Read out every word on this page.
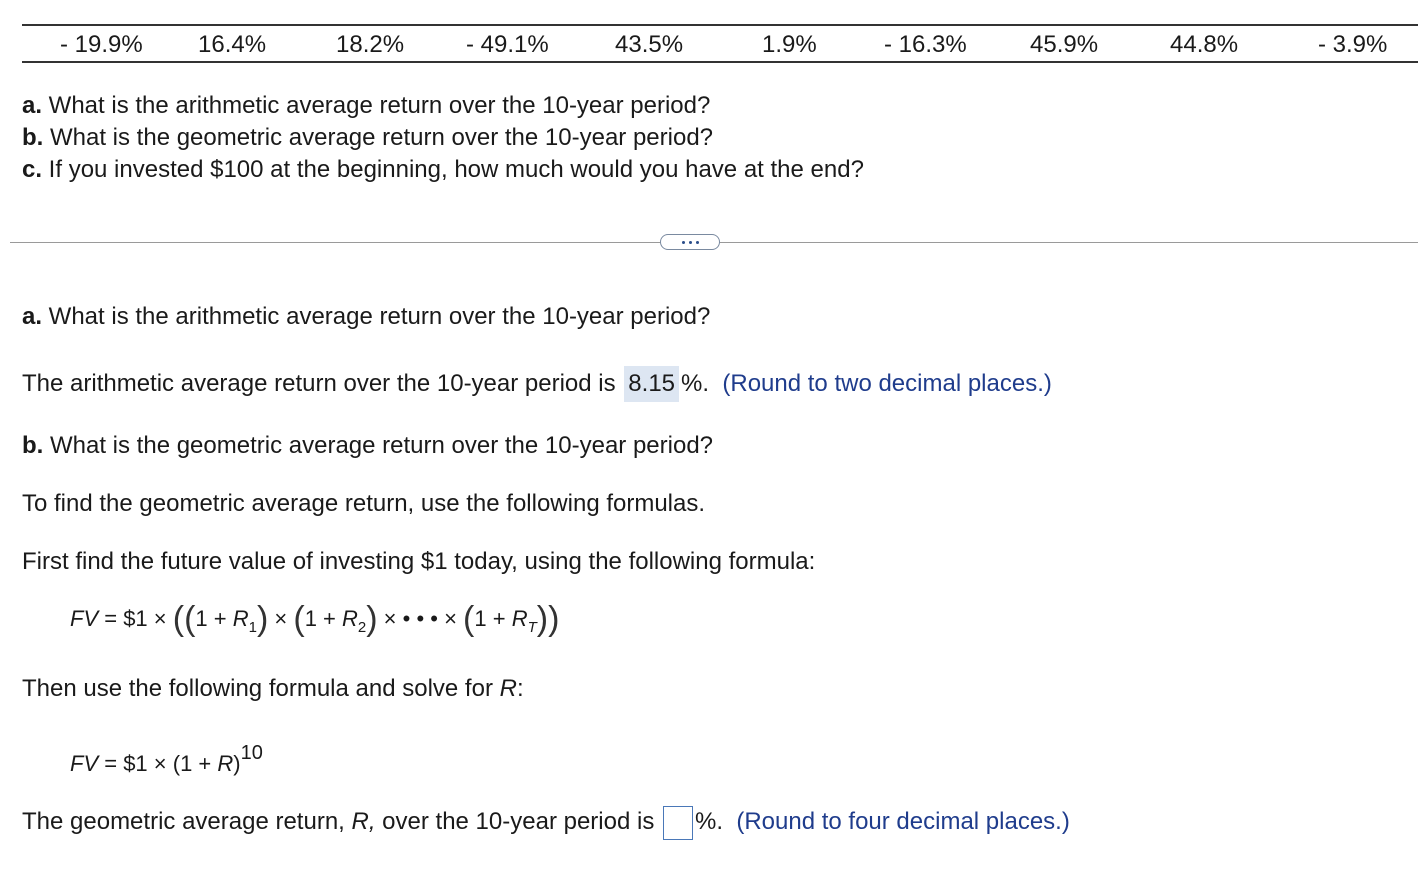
- 19.9% 16.4%	18.2%	- 49.1%	43.5%	1.9%	- 16.3%	45.9%	44.8%	- 3.9%
a. What is the arithmetic average return over the 10-year period?
b. What is the geometric average return over the 10-year period?
c. If you invested $100 at the beginning, how much would you have at the end?
a. What is the arithmetic average return over the 10-year period?
The arithmetic average return over the 10-year period is 8.15 %. (Round to two decimal places.)
b. What is the geometric average return over the 10-year period?
To find the geometric average return, use the following formulas.
First find the future value of investing $1 today, using the following formula:
FV = $1 × ($(1 + R_1) \times (1 + R_2)$ × • • • × $(1 + R_T)$)
Then use the following formula and solve for R:
FV = $1 × (1 + R)10
The geometric average return, R, over the 10-year period is %. (Round to four decimal places.)
